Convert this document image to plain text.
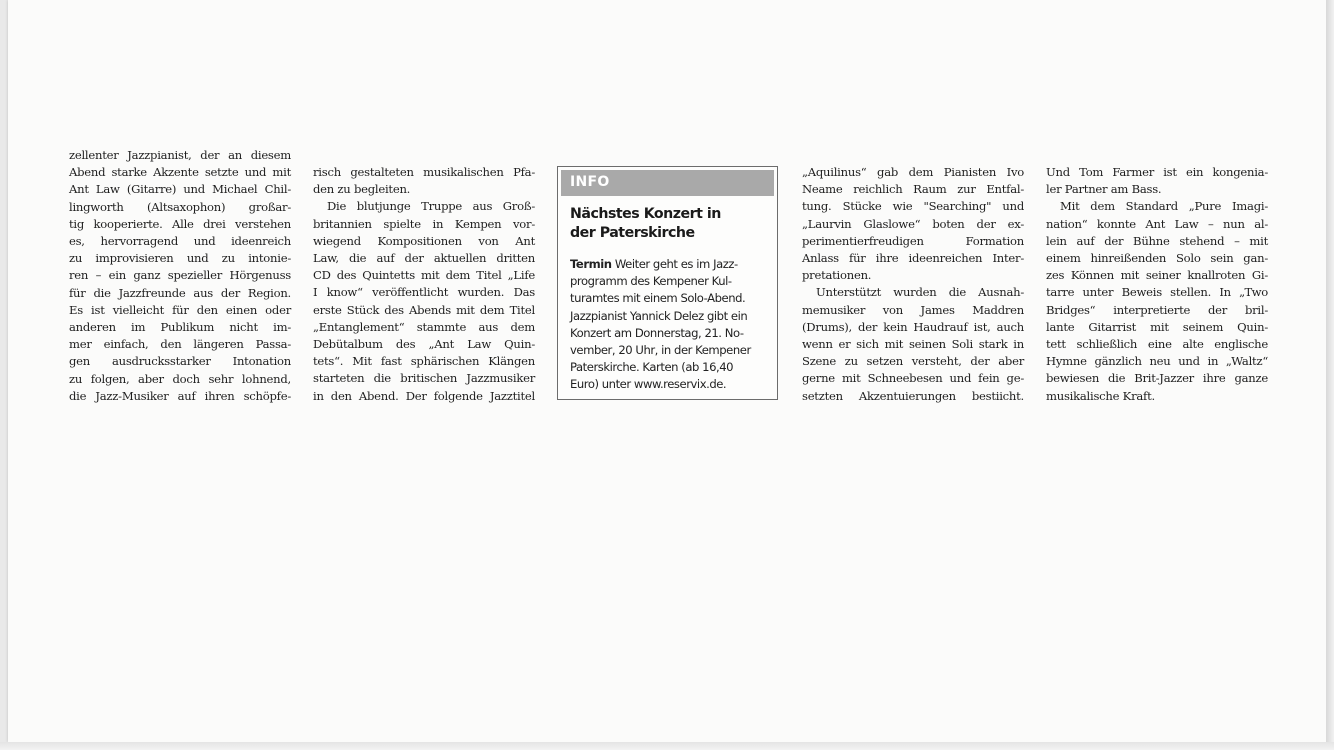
zellenter Jazzpianist, der an diesem
Abend starke Akzente setzte und mit
Ant Law (Gitarre) und Michael Chil-
lingworth (Altsaxophon) großar-
tig kooperierte. Alle drei verstehen
es, hervorragend und ideenreich
zu improvisieren und zu intonie-
ren – ein ganz spezieller Hörgenuss
für die Jazzfreunde aus der Region.
Es ist vielleicht für den einen oder
anderen im Publikum nicht im-
mer einfach, den längeren Passa-
gen ausdrucksstarker Intonation
zu folgen, aber doch sehr lohnend,
die Jazz-Musiker auf ihren schöpfe-
risch gestalteten musikalischen Pfa-
den zu begleiten.
Die blutjunge Truppe aus Groß-
britannien spielte in Kempen vor-
wiegend Kompositionen von Ant
Law, die auf der aktuellen dritten
CD des Quintetts mit dem Titel „Life
I know“ veröffentlicht wurden. Das
erste Stück des Abends mit dem Titel
„Entanglement“ stammte aus dem
Debütalbum des „Ant Law Quin-
tets“. Mit fast sphärischen Klängen
starteten die britischen Jazzmusiker
in den Abend. Der folgende Jazztitel
INFO
Nächstes Konzert in
der Paterskirche
Termin Weiter geht es im Jazz-
programm des Kempener Kul-
turamtes mit einem Solo-Abend.
Jazzpianist Yannick Delez gibt ein
Konzert am Donnerstag, 21. No-
vember, 20 Uhr, in der Kempener
Paterskirche. Karten (ab 16,40
Euro) unter www.reservix.de.
„Aquilinus“ gab dem Pianisten Ivo
Neame reichlich Raum zur Entfal-
tung. Stücke wie "Searching" und
„Laurvin Glaslowe“ boten der ex-
perimentierfreudigen Formation
Anlass für ihre ideenreichen Inter-
pretationen.
Unterstützt wurden die Ausnah-
memusiker von James Maddren
(Drums), der kein Haudrauf ist, auch
wenn er sich mit seinen Soli stark in
Szene zu setzen versteht, der aber
gerne mit Schneebesen und fein ge-
setzten Akzentuierungen bestiicht.
Und Tom Farmer ist ein kongenia-
ler Partner am Bass.
Mit dem Standard „Pure Imagi-
nation“ konnte Ant Law – nun al-
lein auf der Bühne stehend – mit
einem hinreißenden Solo sein gan-
zes Können mit seiner knallroten Gi-
tarre unter Beweis stellen. In „Two
Bridges“ interpretierte der bril-
lante Gitarrist mit seinem Quin-
tett schließlich eine alte englische
Hymne gänzlich neu und in „Waltz“
bewiesen die Brit-Jazzer ihre ganze
musikalische Kraft.
